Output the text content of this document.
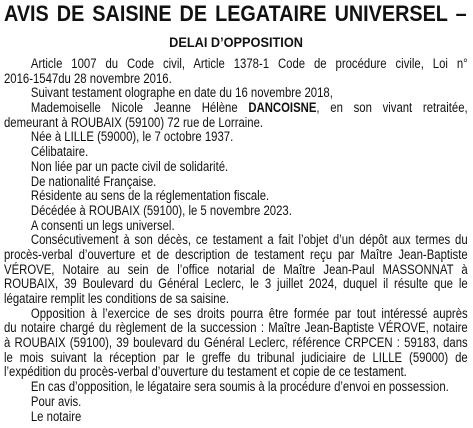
AVIS DE SAISINE DE LEGATAIRE UNIVERSEL –
DELAI D’OPPOSITION
Article 1007 du Code civil, Article 1378-1 Code de procédure civile, Loi n°
2016-1547du 28 novembre 2016.
Suivant testament olographe en date du 16 novembre 2018,
Mademoiselle Nicole Jeanne Hélène DANCOISNE, en son vivant retraitée,
demeurant à ROUBAIX (59100) 72 rue de Lorraine.
Née à LILLE (59000), le 7 octobre 1937.
Célibataire.
Non liée par un pacte civil de solidarité.
De nationalité Française.
Résidente au sens de la réglementation fiscale.
Décédée à ROUBAIX (59100), le 5 novembre 2023.
A consenti un legs universel.
Consécutivement à son décès, ce testament a fait l’objet d’un dépôt aux termes du
procès-verbal d’ouverture et de description de testament reçu par Maître Jean-Baptiste
VÉROVE, Notaire au sein de l’office notarial de Maître Jean-Paul MASSONNAT à
ROUBAIX, 39 Boulevard du Général Leclerc, le 3 juillet 2024, duquel il résulte que le
légataire remplit les conditions de sa saisine.
Opposition à l’exercice de ses droits pourra être formée par tout intéressé auprès
du notaire chargé du règlement de la succession : Maître Jean-Baptiste VÉROVE, notaire
à ROUBAIX (59100), 39 boulevard du Général Leclerc, référence CRPCEN : 59183, dans
le mois suivant la réception par le greffe du tribunal judiciaire de LILLE (59000) de
l’expédition du procès-verbal d’ouverture du testament et copie de ce testament.
En cas d’opposition, le légataire sera soumis à la procédure d’envoi en possession.
Pour avis.
Le notaire
